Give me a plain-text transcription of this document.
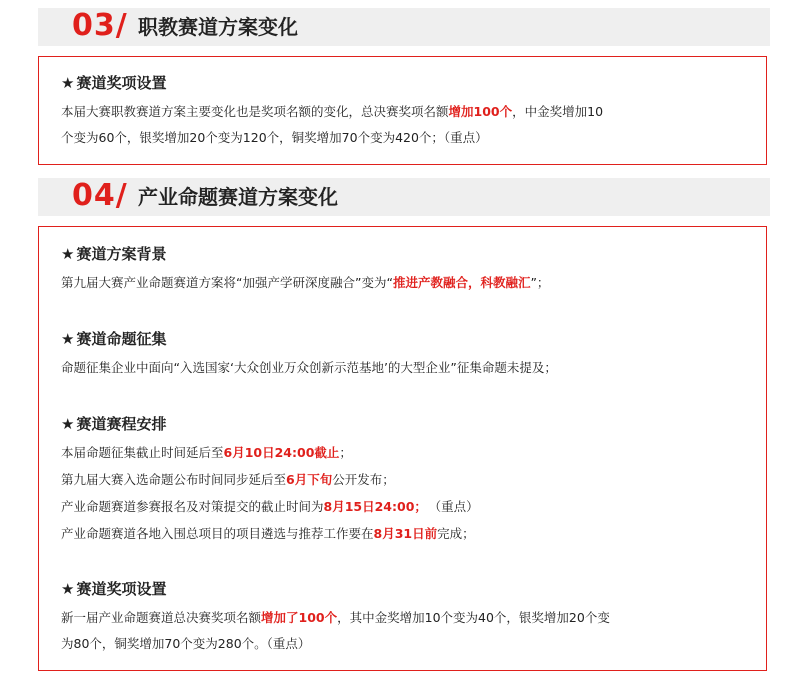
03/ 职教赛道方案变化
★ 赛道奖项设置
本届大赛职教赛道方案主要变化也是奖项名额的变化，总决赛奖项名额增加100个，中金奖增加10
个变为60个，银奖增加20个变为120个，铜奖增加70个变为420个；（重点）
04/ 产业命题赛道方案变化
★ 赛道方案背景
第九届大赛产业命题赛道方案将“加强产学研深度融合”变为“推进产教融合，科教融汇”；
★ 赛道命题征集
命题征集企业中面向“入选国家‘大众创业万众创新示范基地’的大型企业”征集命题未提及；
★ 赛道赛程安排
本届命题征集截止时间延后至6月10日24:00截止；
第九届大赛入选命题公布时间同步延后至6月下旬公开发布；
产业命题赛道参赛报名及对策提交的截止时间为8月15日24:00； （重点）
产业命题赛道各地入围总项目的项目遴选与推荐工作要在8月31日前完成；
★ 赛道奖项设置
新一届产业命题赛道总决赛奖项名额增加了100个，其中金奖增加10个变为40个，银奖增加20个变
为80个，铜奖增加70个变为280个。（重点）
